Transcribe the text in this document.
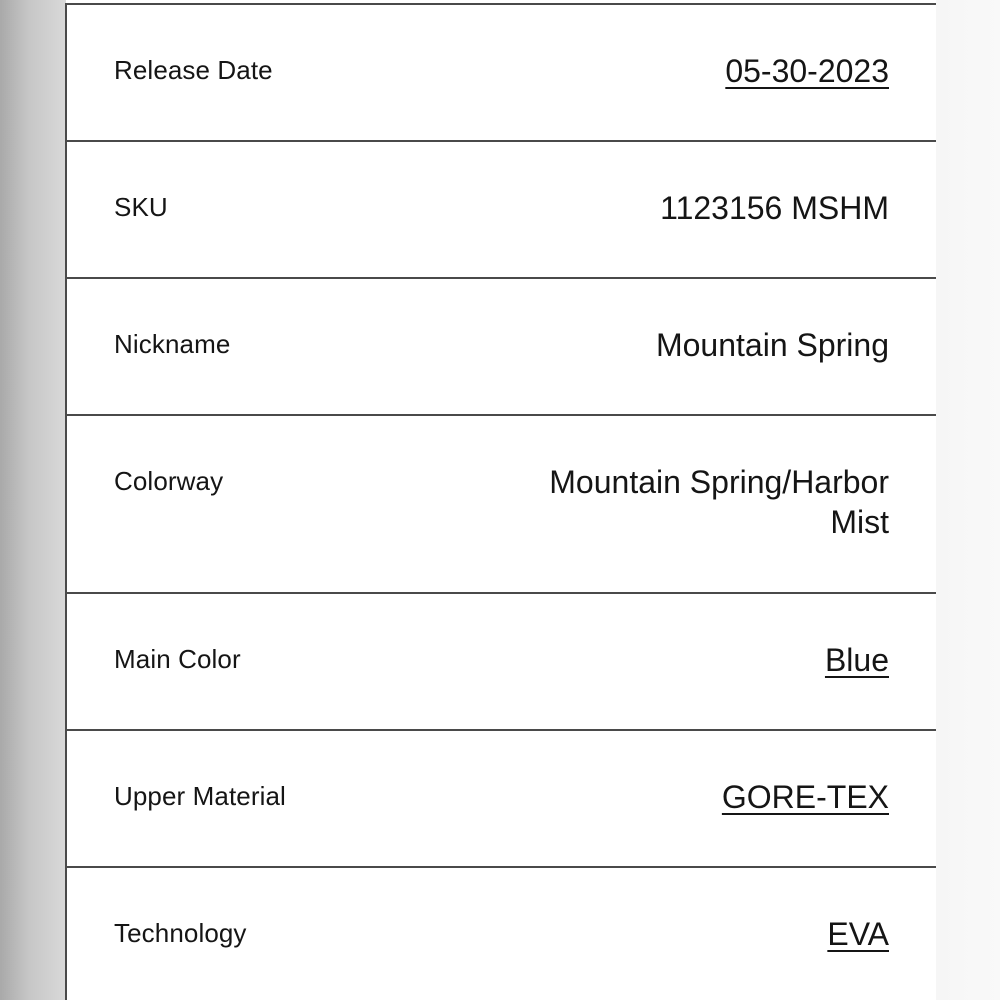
Release Date	05-30-2023
SKU	1123156 MSHM
Nickname	Mountain Spring
Colorway	Mountain Spring/Harbor Mist
Main Color	Blue
Upper Material	GORE-TEX
Technology	EVA
